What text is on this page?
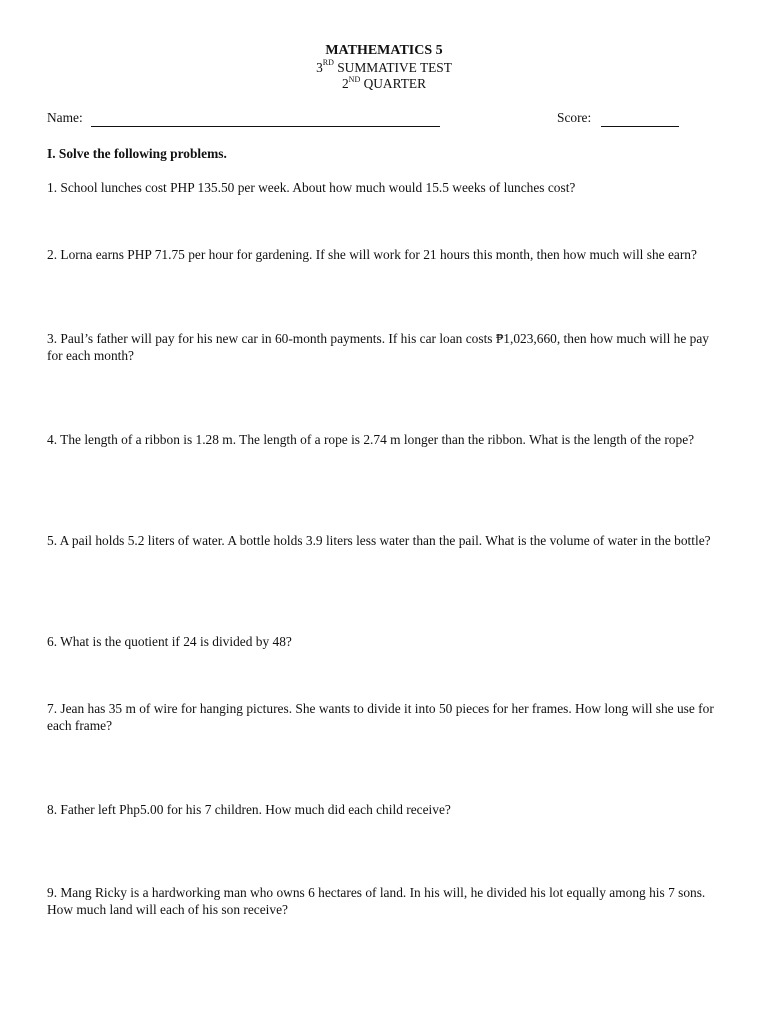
MATHEMATICS 5
3RD SUMMATIVE TEST
2ND QUARTER
Name:	Score:
I. Solve the following problems.
1. School lunches cost PHP 135.50 per week. About how much would 15.5 weeks of lunches cost?
2. Lorna earns PHP 71.75 per hour for gardening. If she will work for 21 hours this month, then how much will she earn?
3. Paul’s father will pay for his new car in 60-month payments. If his car loan costs ₱1,023,660, then how much will he pay for each month?
4. The length of a ribbon is 1.28 m. The length of a rope is 2.74 m longer than the ribbon. What is the length of the rope?
5. A pail holds 5.2 liters of water. A bottle holds 3.9 liters less water than the pail. What is the volume of water in the bottle?
6. What is the quotient if 24 is divided by 48?
7. Jean has 35 m of wire for hanging pictures. She wants to divide it into 50 pieces for her frames. How long will she use for each frame?
8. Father left Php5.00 for his 7 children. How much did each child receive?
9. Mang Ricky is a hardworking man who owns 6 hectares of land. In his will, he divided his lot equally among his 7 sons. How much land will each of his son receive?
